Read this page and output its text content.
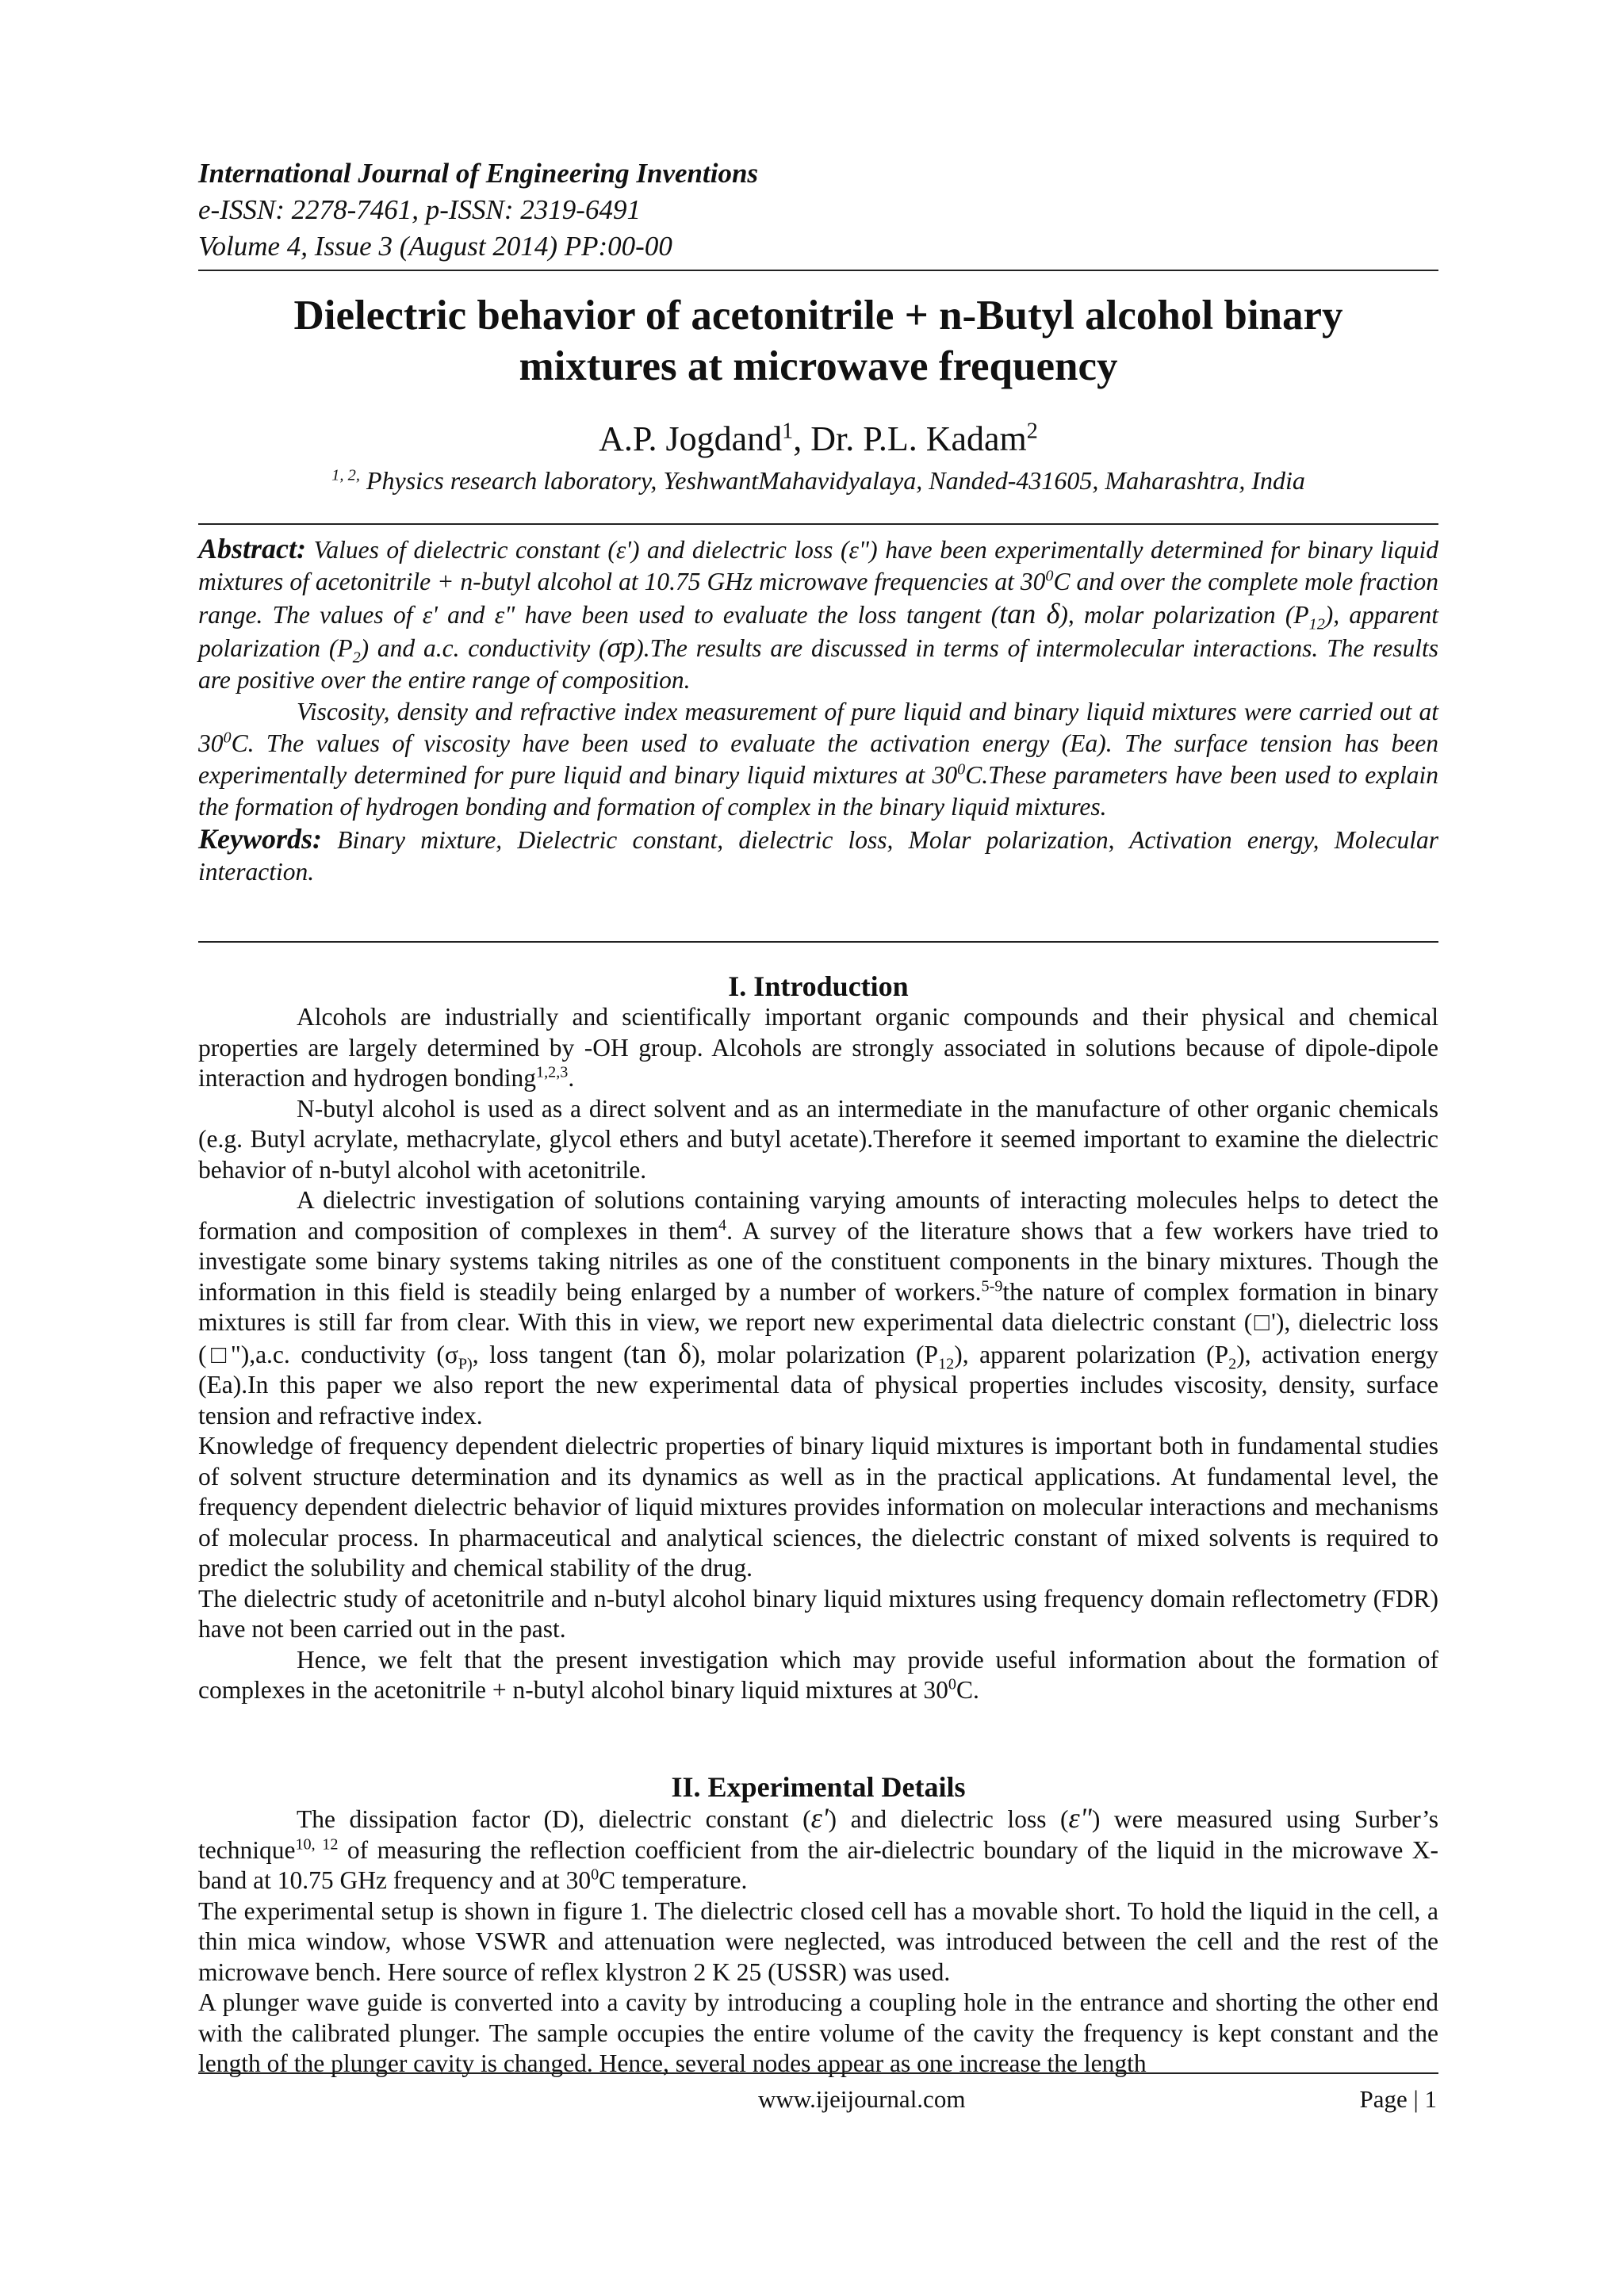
International Journal of Engineering Inventions
e-ISSN: 2278-7461, p-ISSN: 2319-6491
Volume 4, Issue 3 (August 2014) PP:00-00
Dielectric behavior of acetonitrile + n-Butyl alcohol binary
mixtures at microwave frequency
A.P. Jogdand$^1$, Dr. P.L. Kadam$^2$
$^{1, 2,}$ Physics research laboratory, YeshwantMahavidyalaya, Nanded-431605, Maharashtra, India

Abstract: Values of dielectric constant (ε') and dielectric loss (ε") have been experimentally determined for binary liquid mixtures of acetonitrile + n-butyl alcohol at 10.75 GHz microwave frequencies at $30^0C$ and over the complete mole fraction range. The values of ε' and ε" have been used to evaluate the loss tangent (tan δ), molar polarization $(P_{12})$, apparent polarization $(P_2)$ and a.c. conductivity (σp).The results are discussed in terms of intermolecular interactions. The results are positive over the entire range of composition.

Viscosity, density and refractive index measurement of pure liquid and binary liquid mixtures were carried out at $30^0C$. The values of viscosity have been used to evaluate the activation energy (Ea). The surface tension has been experimentally determined for pure liquid and binary liquid mixtures at $30^0C.These$ parameters have been used to explain the formation of hydrogen bonding and formation of complex in the binary liquid mixtures.

Keywords: Binary mixture, Dielectric constant, dielectric loss, Molar polarization, Activation energy, Molecular interaction.

I. Introduction

Alcohols are industrially and scientifically important organic compounds and their physical and chemical properties are largely determined by -OH group. Alcohols are strongly associated in solutions because of dipole-dipole interaction and hydrogen bonding$^{1,2,3}$.

N-butyl alcohol is used as a direct solvent and as an intermediate in the manufacture of other organic chemicals (e.g. Butyl acrylate, methacrylate, glycol ethers and butyl acetate).Therefore it seemed important to examine the dielectric behavior of n-butyl alcohol with acetonitrile.

A dielectric investigation of solutions containing varying amounts of interacting molecules helps to detect the formation and composition of complexes in them$^4$. A survey of the literature shows that a few workers have tried to investigate some binary systems taking nitriles as one of the constituent components in the binary mixtures. Though the information in this field is steadily being enlarged by a number of workers.$^{5-9}$the nature of complex formation in binary mixtures is still far from clear. With this in view, we report new experimental data dielectric constant (□'), dielectric loss (□"),a.c. conductivity ($\sigma_{P)}$, loss tangent (tan δ), molar polarization $(P_{12})$, apparent polarization $(P_2)$, activation energy (Ea).In this paper we also report the new experimental data of physical properties includes viscosity, density, surface tension and refractive index.

Knowledge of frequency dependent dielectric properties of binary liquid mixtures is important both in fundamental studies of solvent structure determination and its dynamics as well as in the practical applications. At fundamental level, the frequency dependent dielectric behavior of liquid mixtures provides information on molecular interactions and mechanisms of molecular process. In pharmaceutical and analytical sciences, the dielectric constant of mixed solvents is required to predict the solubility and chemical stability of the drug.

The dielectric study of acetonitrile and n-butyl alcohol binary liquid mixtures using frequency domain reflectometry (FDR) have not been carried out in the past.

Hence, we felt that the present investigation which may provide useful information about the formation of complexes in the acetonitrile + n-butyl alcohol binary liquid mixtures at $30^0C$.

II. Experimental Details

The dissipation factor (D), dielectric constant (ε') and dielectric loss (ε") were measured using Surber’s technique$^{10, 12}$ of measuring the reflection coefficient from the air-dielectric boundary of the liquid in the microwave X-band at 10.75 GHz frequency and at $30^0C$ temperature.

The experimental setup is shown in figure 1. The dielectric closed cell has a movable short. To hold the liquid in the cell, a thin mica window, whose VSWR and attenuation were neglected, was introduced between the cell and the rest of the microwave bench. Here source of reflex klystron 2 K 25 (USSR) was used.

A plunger wave guide is converted into a cavity by introducing a coupling hole in the entrance and shorting the other end with the calibrated plunger. The sample occupies the entire volume of the cavity the frequency is kept constant and the length of the plunger cavity is changed. Hence, several nodes appear as one increase the length

www.ijeijournal.com	Page | 1
